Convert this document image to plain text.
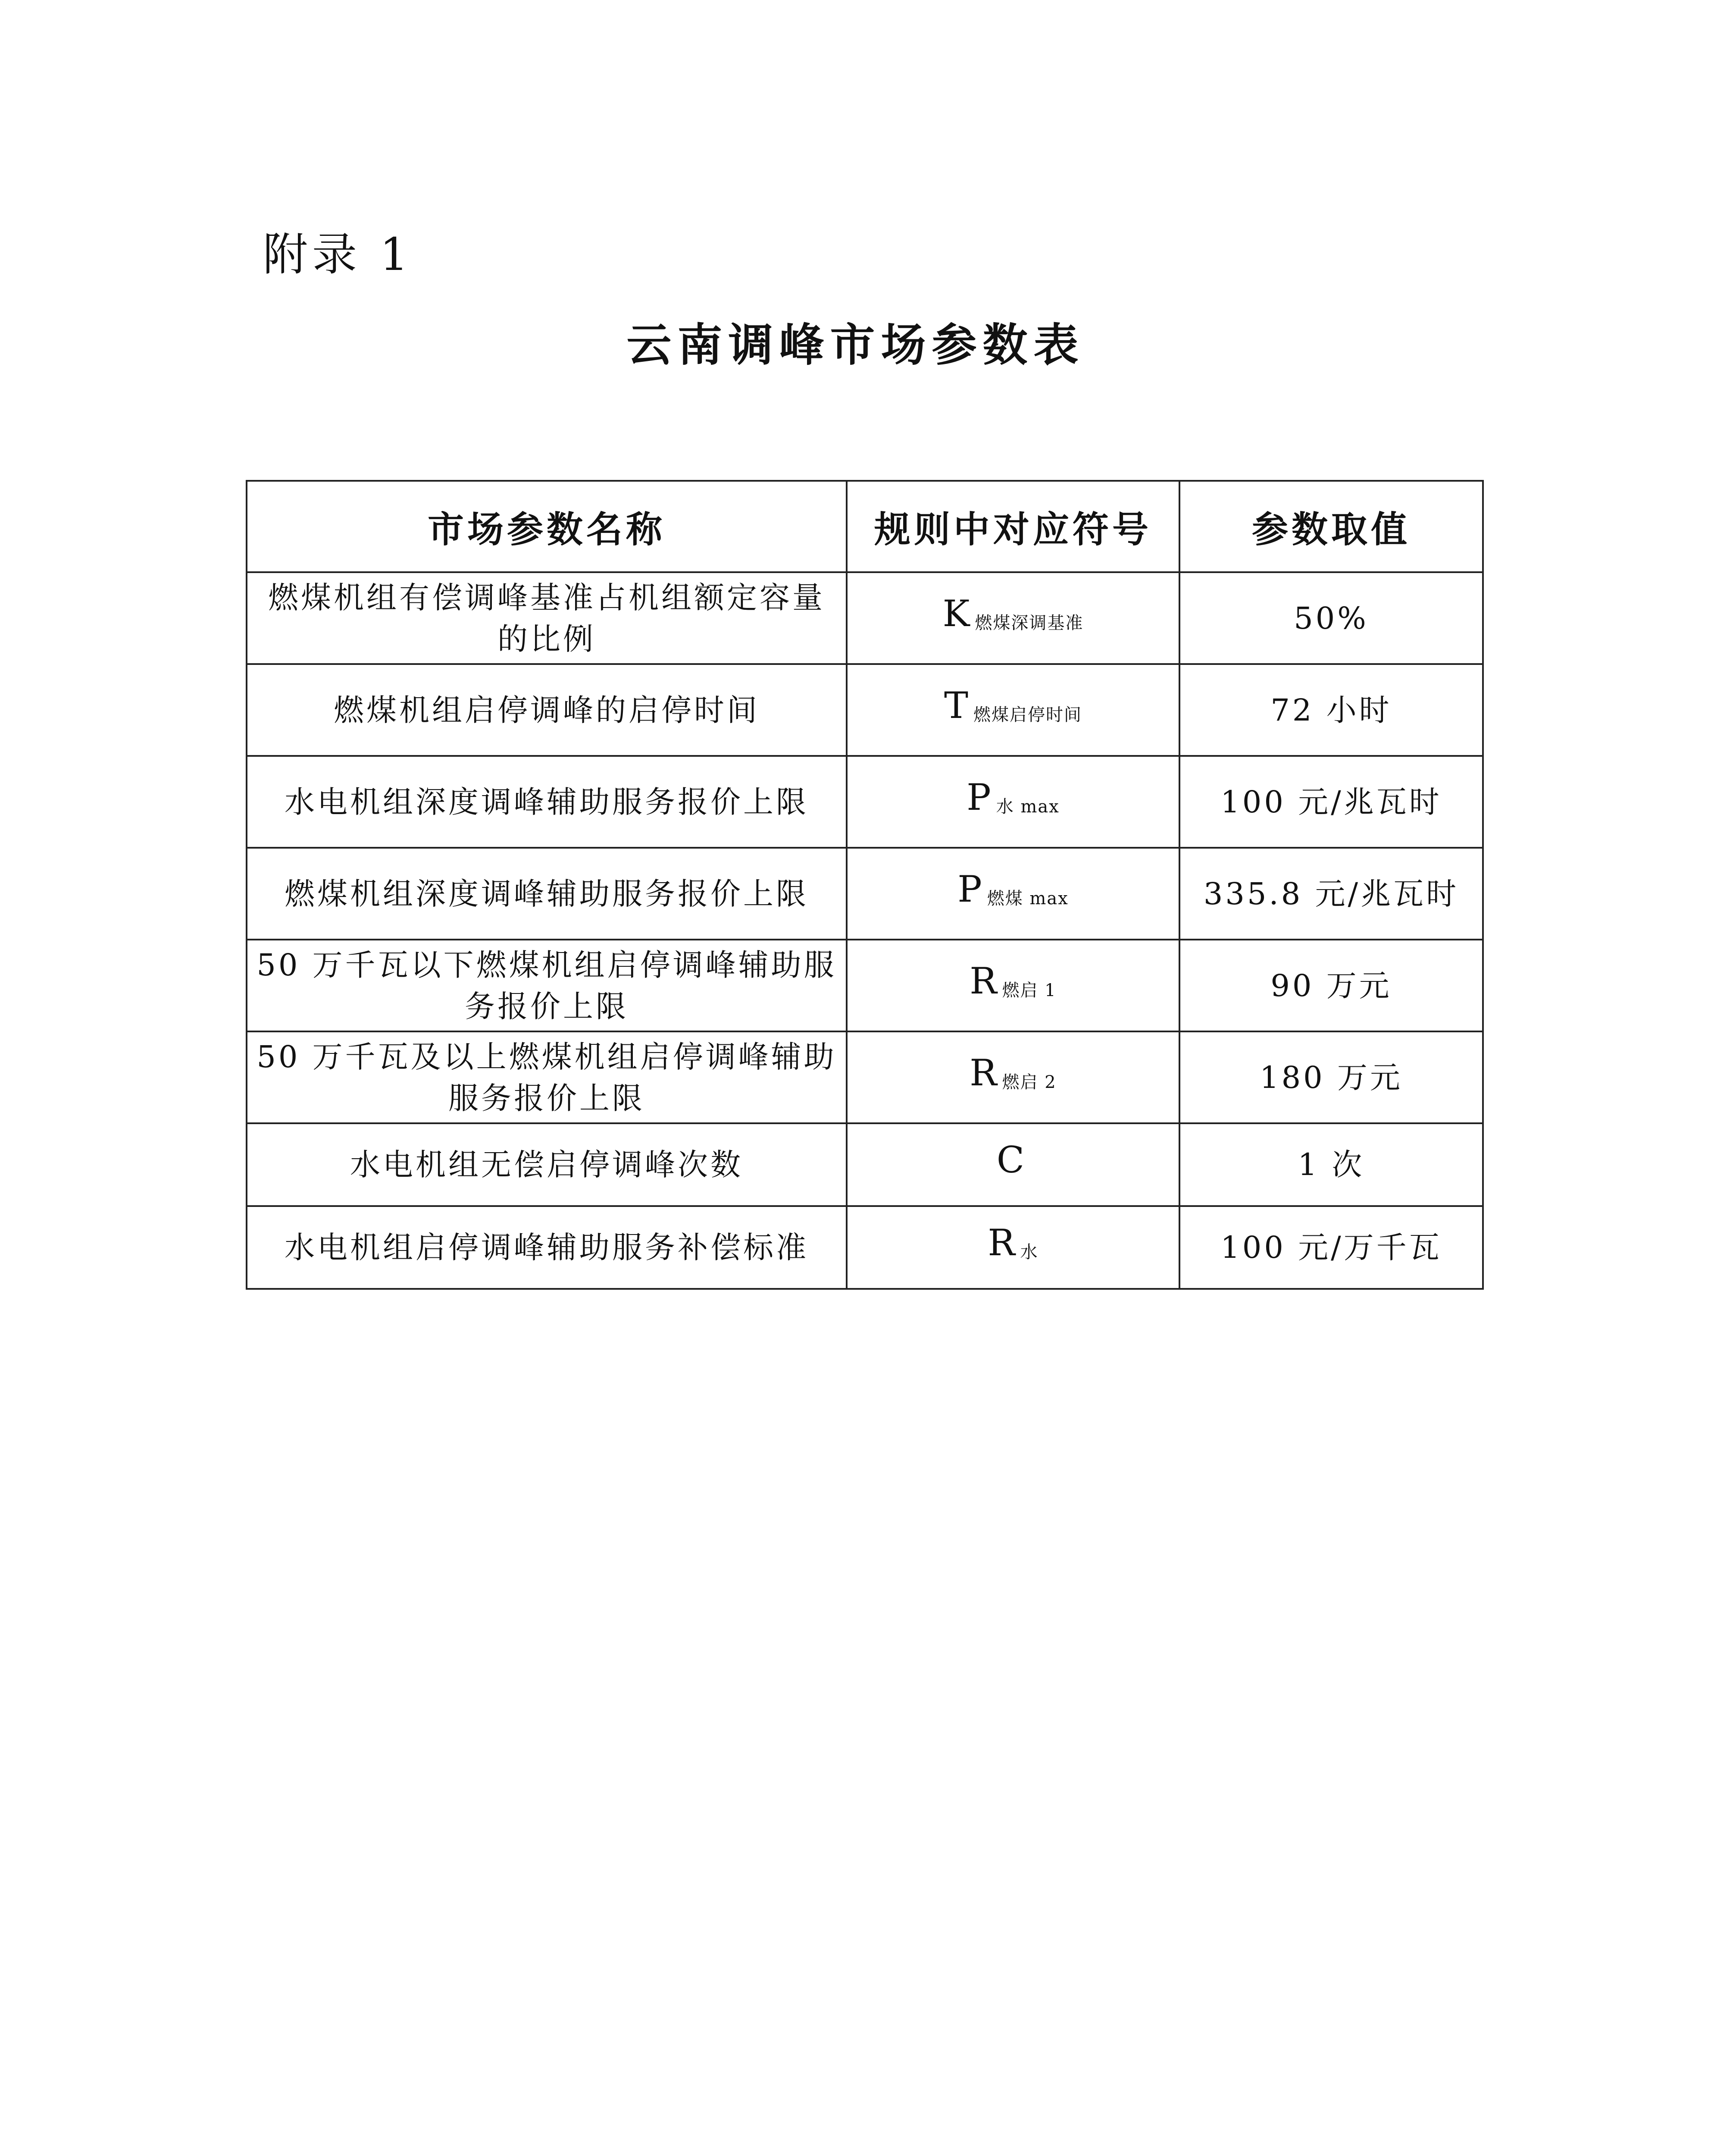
附录 1
云南调峰市场参数表
市场参数名称	规则中对应符号	参数取值
燃煤机组有偿调峰基准占机组额定容量的比例	K 燃煤深调基准	50%
燃煤机组启停调峰的启停时间	T 燃煤启停时间	72 小时
水电机组深度调峰辅助服务报价上限	P 水 max	100 元/兆瓦时
燃煤机组深度调峰辅助服务报价上限	P 燃煤 max	335.8 元/兆瓦时
50 万千瓦以下燃煤机组启停调峰辅助服务报价上限	R 燃启 1	90 万元
50 万千瓦及以上燃煤机组启停调峰辅助服务报价上限	R 燃启 2	180 万元
水电机组无偿启停调峰次数	C	1 次
水电机组启停调峰辅助服务补偿标准	R 水	100 元/万千瓦
